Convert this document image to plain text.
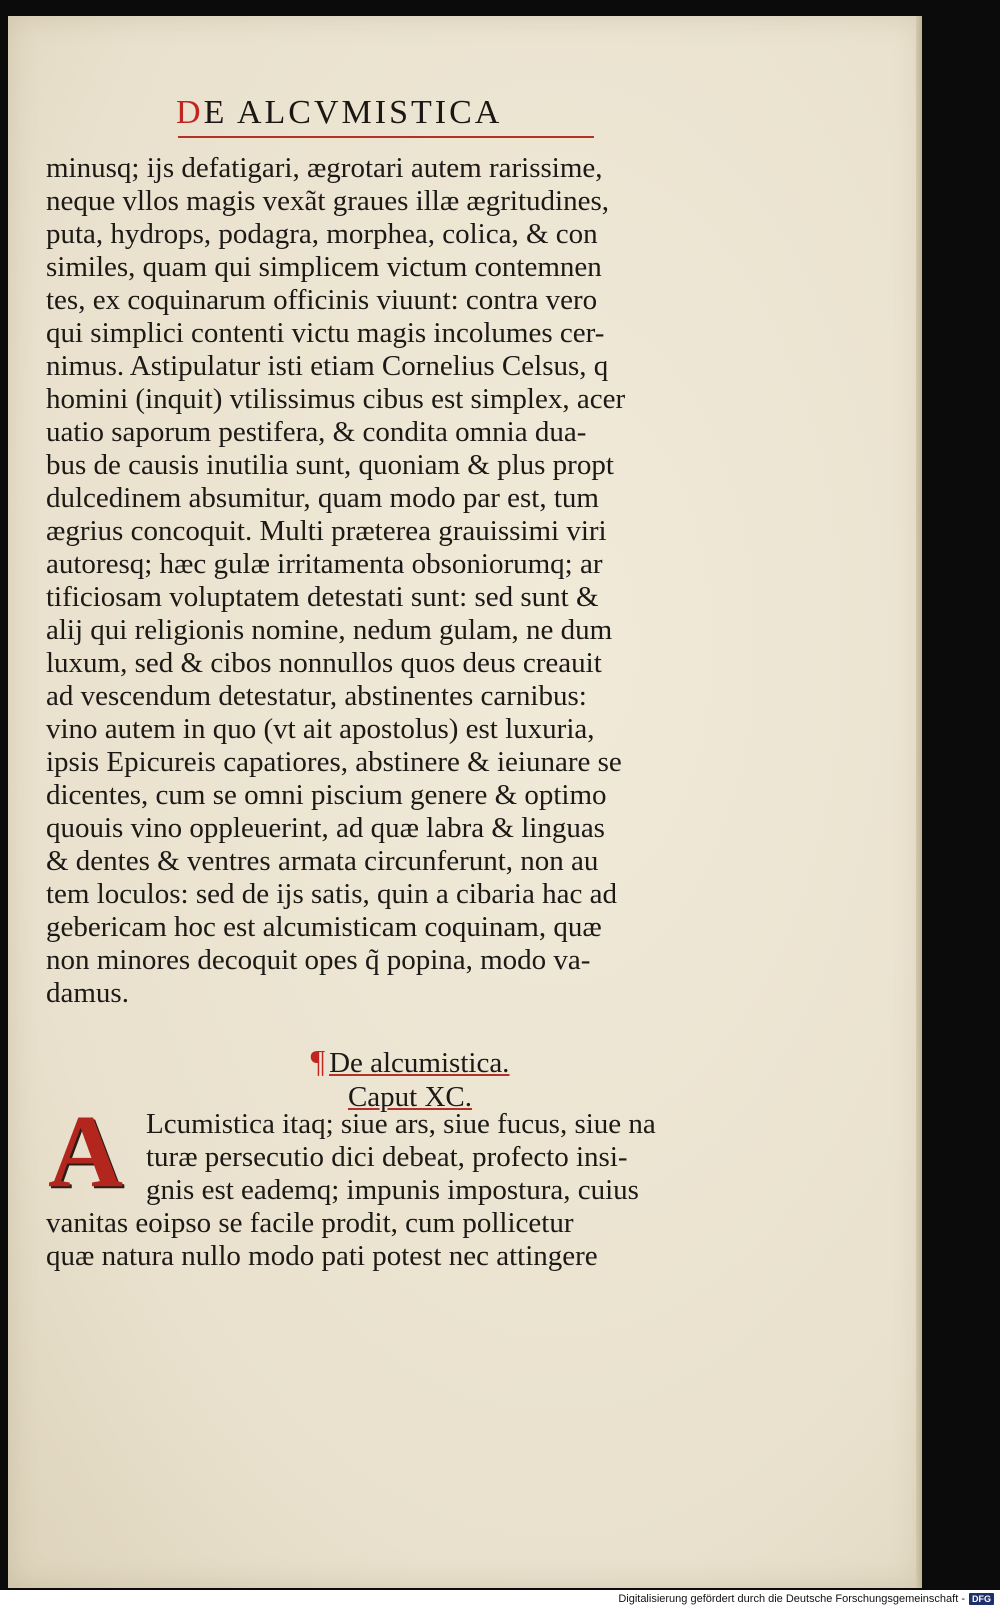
DE ALCVMISTICA
minusq; ijs defatigari, ægrotari autem rarissime,
neque vllos magis vexãt graues illæ ægritudines,
puta, hydrops, podagra, morphea, colica, & con
similes, quam qui simplicem victum contemnen
tes, ex coquinarum officinis viuunt: contra vero
qui simplici contenti victu magis incolumes cer-
nimus. Astipulatur isti etiam Cornelius Celsus, q
homini (inquit) vtilissimus cibus est simplex, acer
uatio saporum pestifera, & condita omnia dua-
bus de causis inutilia sunt, quoniam & plus propt
dulcedinem absumitur, quam modo par est, tum
ægrius concoquit. Multi præterea grauissimi viri
autoresq; hæc gulæ irritamenta obsoniorumq; ar
tificiosam voluptatem detestati sunt: sed sunt &
alij qui religionis nomine, nedum gulam, ne dum
luxum, sed & cibos nonnullos quos deus creauit
ad vescendum detestatur, abstinentes carnibus:
vino autem in quo (vt ait apostolus) est luxuria,
ipsis Epicureis capatiores, abstinere & ieiunare se
dicentes, cum se omni piscium genere & optimo
quouis vino oppleuerint, ad quæ labra & linguas
& dentes & ventres armata circunferunt, non au
tem loculos: sed de ijs satis, quin a cibaria hac ad
gebericam hoc est alcumisticam coquinam, quæ
non minores decoquit opes q̃ popina, modo va-
damus.
¶ De alcumistica.
Caput XC.
A Lcumistica itaq; siue ars, siue fucus, siue na
turæ persecutio dici debeat, profecto insi-
gnis est eademq; impunis impostura, cuius
vanitas eoipso se facile prodit, cum pollicetur
quæ natura nullo modo pati potest nec attingere
Digitalisierung gefördert durch die Deutsche Forschungsgemeinschaft - DFG
